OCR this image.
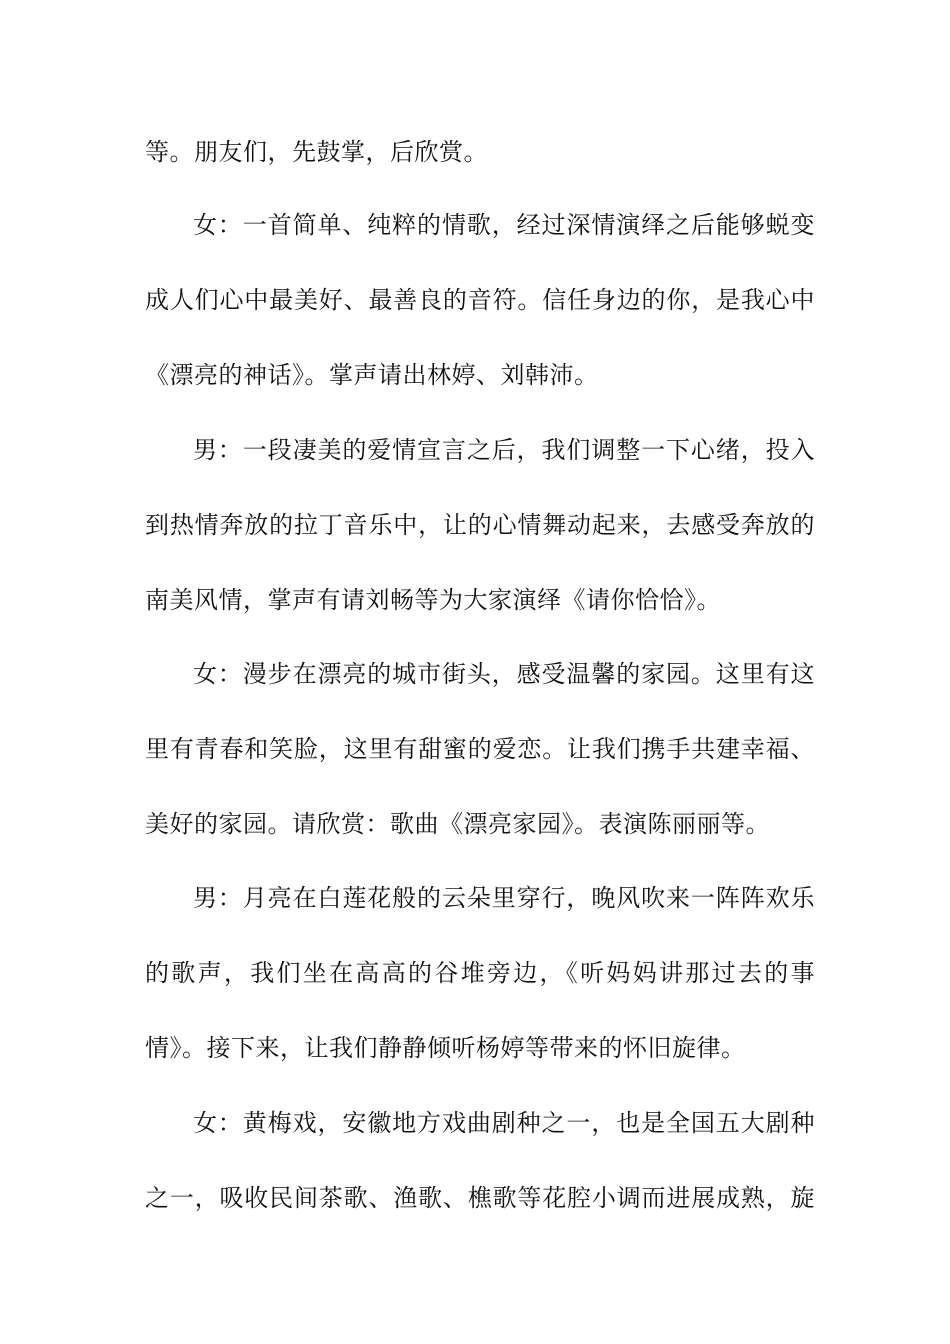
等。朋友们，先鼓掌，后欣赏。
女：一首简单、纯粹的情歌，经过深情演绎之后能够蜕变
成人们心中最美好、最善良的音符。信任身边的你，是我心中
《漂亮的神话》。掌声请出林婷、刘韩沛。
男：一段凄美的爱情宣言之后，我们调整一下心绪，投入
到热情奔放的拉丁音乐中，让的心情舞动起来，去感受奔放的
南美风情，掌声有请刘畅等为大家演绎《请你恰恰》。
女：漫步在漂亮的城市街头，感受温馨的家园。这里有这
里有青春和笑脸，这里有甜蜜的爱恋。让我们携手共建幸福、
美好的家园。请欣赏：歌曲《漂亮家园》。表演陈丽丽等。
男：月亮在白莲花般的云朵里穿行，晚风吹来一阵阵欢乐
的歌声，我们坐在高高的谷堆旁边，《听妈妈讲那过去的事
情》。接下来，让我们静静倾听杨婷等带来的怀旧旋律。
女：黄梅戏，安徽地方戏曲剧种之一，也是全国五大剧种
之一，吸收民间茶歌、渔歌、樵歌等花腔小调而进展成熟，旋
